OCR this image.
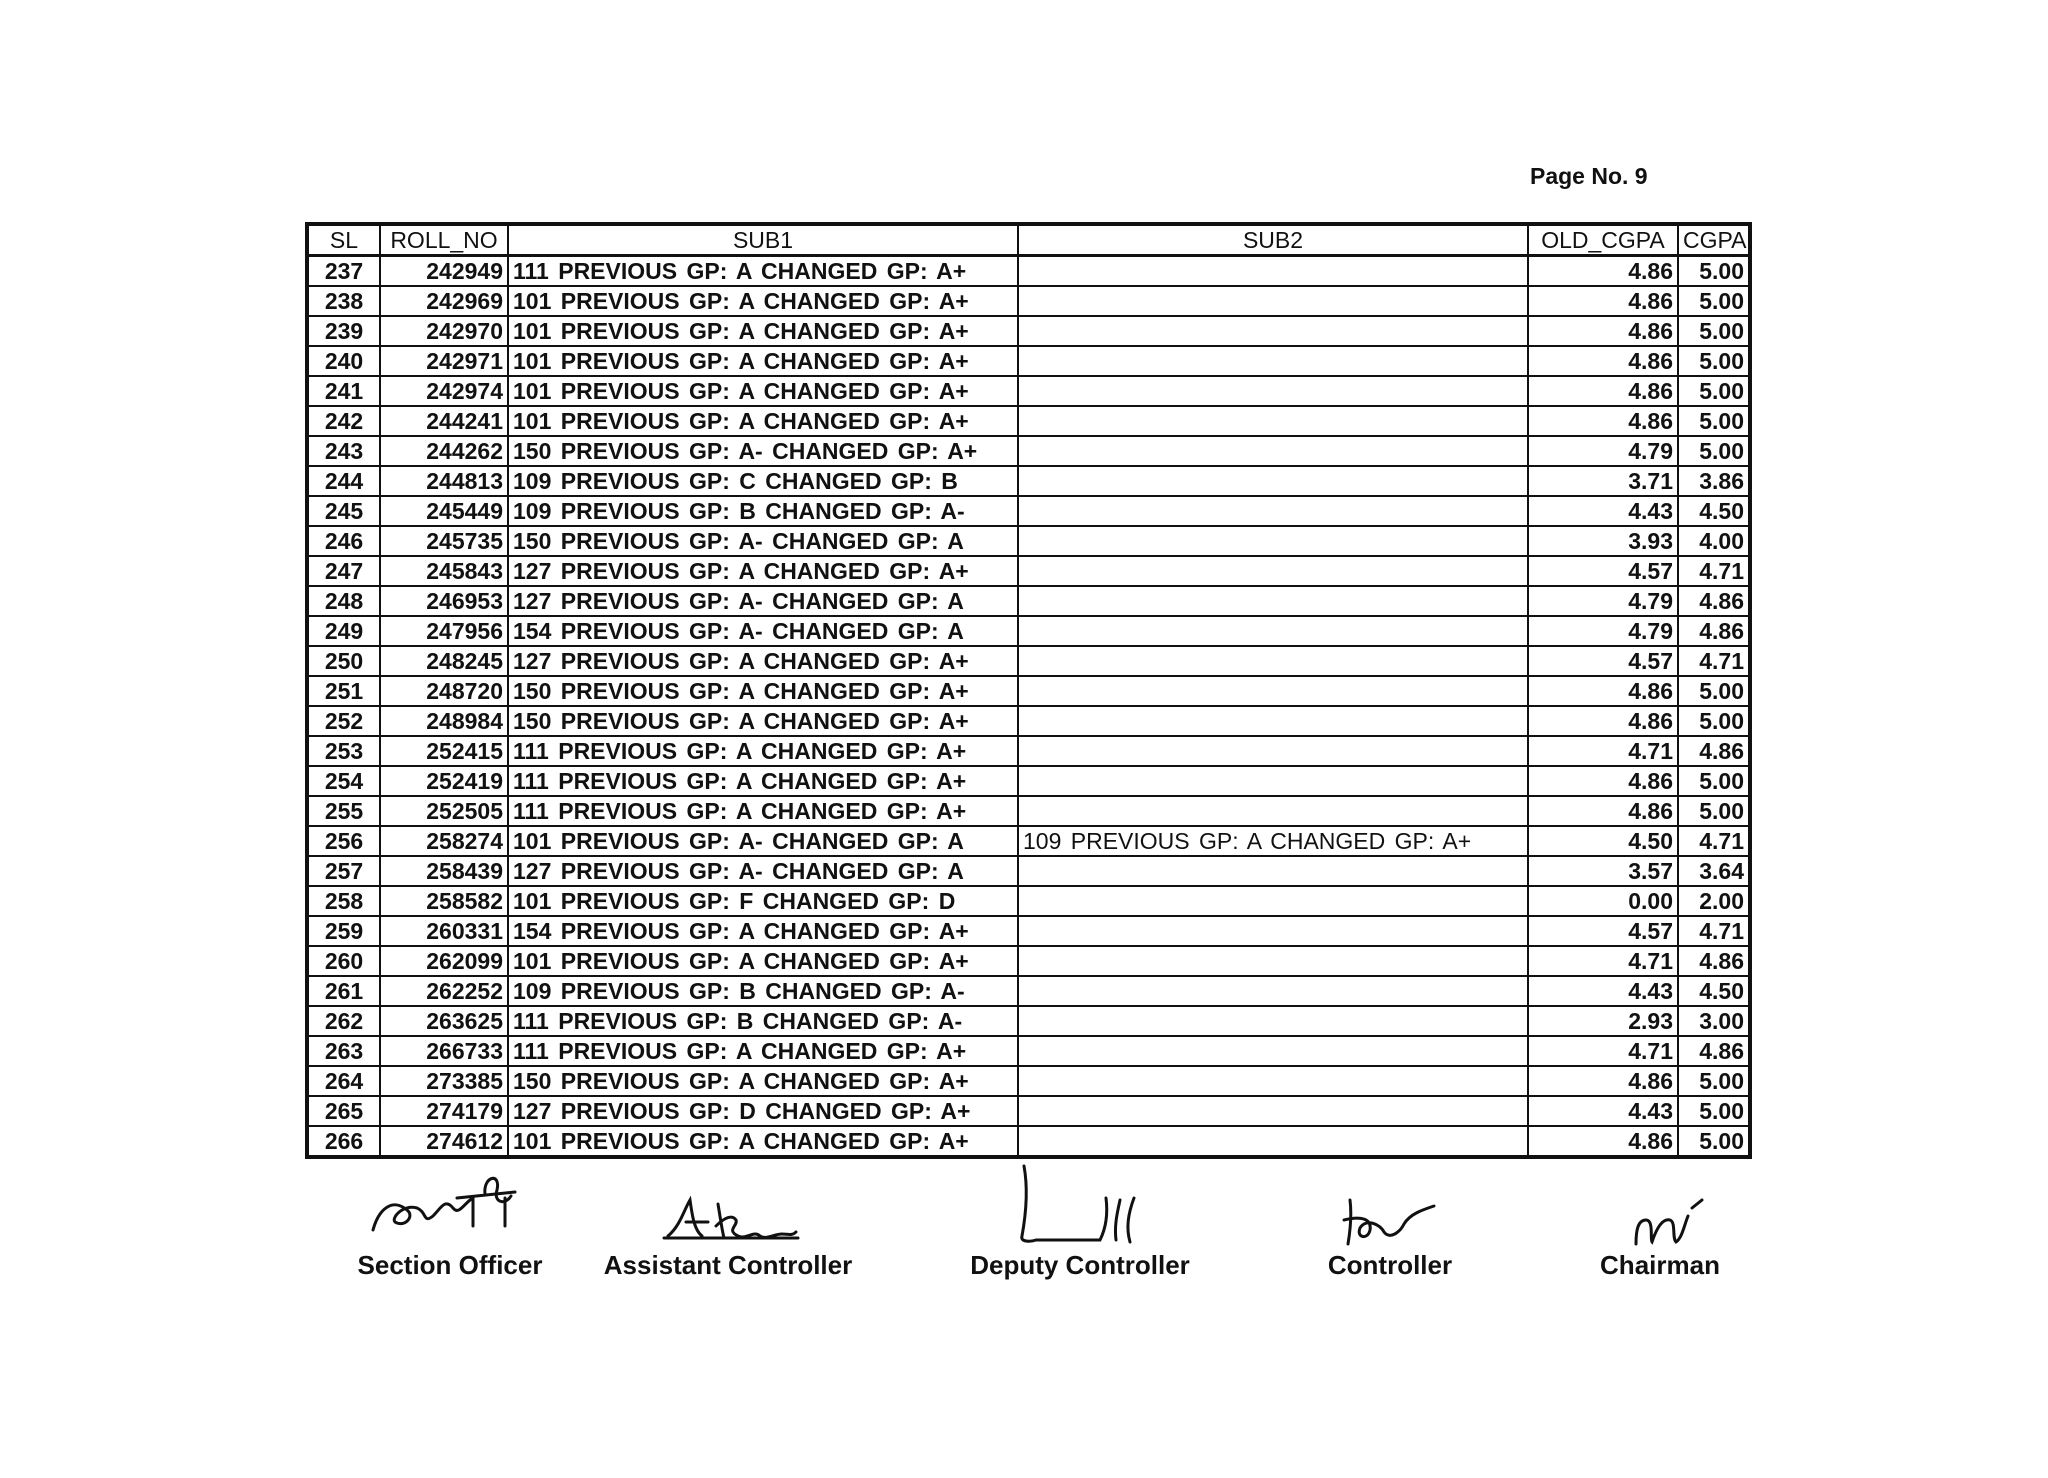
Page No. 9
SL	ROLL_NO	SUB1	SUB2	OLD_CGPA	CGPA
237	242949	111 PREVIOUS GP: A CHANGED GP: A+		4.86	5.00
238	242969	101 PREVIOUS GP: A CHANGED GP: A+		4.86	5.00
239	242970	101 PREVIOUS GP: A CHANGED GP: A+		4.86	5.00
240	242971	101 PREVIOUS GP: A CHANGED GP: A+		4.86	5.00
241	242974	101 PREVIOUS GP: A CHANGED GP: A+		4.86	5.00
242	244241	101 PREVIOUS GP: A CHANGED GP: A+		4.86	5.00
243	244262	150 PREVIOUS GP: A- CHANGED GP: A+		4.79	5.00
244	244813	109 PREVIOUS GP: C CHANGED GP: B		3.71	3.86
245	245449	109 PREVIOUS GP: B CHANGED GP: A-		4.43	4.50
246	245735	150 PREVIOUS GP: A- CHANGED GP: A		3.93	4.00
247	245843	127 PREVIOUS GP: A CHANGED GP: A+		4.57	4.71
248	246953	127 PREVIOUS GP: A- CHANGED GP: A		4.79	4.86
249	247956	154 PREVIOUS GP: A- CHANGED GP: A		4.79	4.86
250	248245	127 PREVIOUS GP: A CHANGED GP: A+		4.57	4.71
251	248720	150 PREVIOUS GP: A CHANGED GP: A+		4.86	5.00
252	248984	150 PREVIOUS GP: A CHANGED GP: A+		4.86	5.00
253	252415	111 PREVIOUS GP: A CHANGED GP: A+		4.71	4.86
254	252419	111 PREVIOUS GP: A CHANGED GP: A+		4.86	5.00
255	252505	111 PREVIOUS GP: A CHANGED GP: A+		4.86	5.00
256	258274	101 PREVIOUS GP: A- CHANGED GP: A	109 PREVIOUS GP: A CHANGED GP: A+	4.50	4.71
257	258439	127 PREVIOUS GP: A- CHANGED GP: A		3.57	3.64
258	258582	101 PREVIOUS GP: F CHANGED GP: D		0.00	2.00
259	260331	154 PREVIOUS GP: A CHANGED GP: A+		4.57	4.71
260	262099	101 PREVIOUS GP: A CHANGED GP: A+		4.71	4.86
261	262252	109 PREVIOUS GP: B CHANGED GP: A-		4.43	4.50
262	263625	111 PREVIOUS GP: B CHANGED GP: A-		2.93	3.00
263	266733	111 PREVIOUS GP: A CHANGED GP: A+		4.71	4.86
264	273385	150 PREVIOUS GP: A CHANGED GP: A+		4.86	5.00
265	274179	127 PREVIOUS GP: D CHANGED GP: A+		4.43	5.00
266	274612	101 PREVIOUS GP: A CHANGED GP: A+		4.86	5.00
Section Officer Assistant Controller	Deputy Controller	Controller	Chairman
